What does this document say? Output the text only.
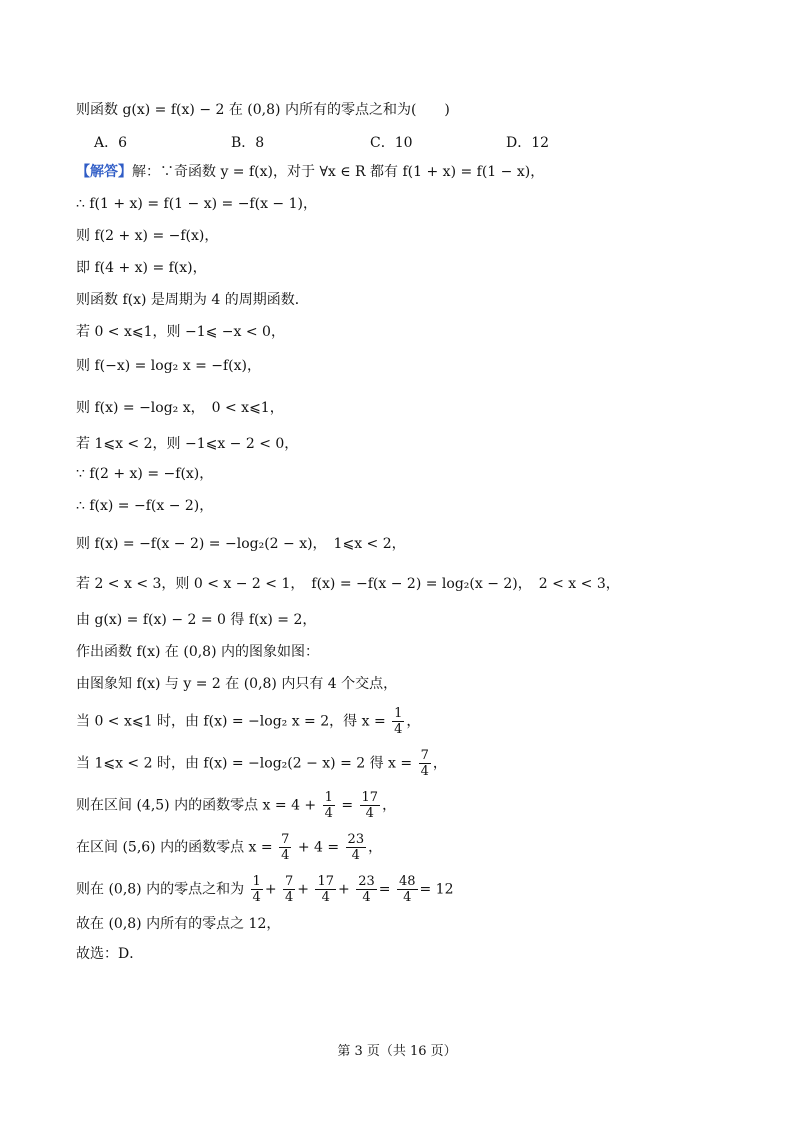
则函数 g(x) = f(x) − 2 在 (0,8) 内所有的零点之和为(　　)
A．6	B．8	C．10	D．12
【解答】解：∵奇函数 y = f(x)，对于 ∀x ∈ R 都有 f(1 + x) = f(1 − x)，
∴ f(1 + x) = f(1 − x) = −f(x − 1)，
则 f(2 + x) = −f(x)，
即 f(4 + x) = f(x)，
则函数 f(x) 是周期为 4 的周期函数．
若 0 < x⩽1，则 −1⩽ −x < 0，
则 f(−x) = log₂ x = −f(x)，
则 f(x) = −log₂ x，　0 < x⩽1，
若 1⩽x < 2，则 −1⩽x − 2 < 0，
∵ f(2 + x) = −f(x)，
∴ f(x) = −f(x − 2)，
则 f(x) = −f(x − 2) = −log₂(2 − x)，　1⩽x < 2，
若 2 < x < 3，则 0 < x − 2 < 1，　f(x) = −f(x − 2) = log₂(x − 2)，　2 < x < 3，
由 g(x) = f(x) − 2 = 0 得 f(x) = 2，
作出函数 f(x) 在 (0,8) 内的图象如图：
由图象知 f(x) 与 y = 2 在 (0,8) 内只有 4 个交点，
当 0 < x⩽1 时，由 f(x) = −log₂ x = 2，得 $x = \frac{1}{4}$ ，
当 1⩽x < 2 时，由 f(x) = −log₂(2 − x) = 2 得 $x = \frac{7}{4}$ ，
则在区间 (4,5) 内的函数零点 $x = 4 + \frac{1}{4} = \frac{17}{4}$ ，
在区间 (5,6) 内的函数零点 $x = \frac{7}{4} + 4 = \frac{23}{4}$ ，
则在 (0,8) 内的零点之和为 $\frac{1}{4} + \frac{7}{4} + \frac{17}{4} + \frac{23}{4} = \frac{48}{4} = 12$
故在 (0,8) 内所有的零点之 12，
故选：D．
第 3 页（共 16 页）
